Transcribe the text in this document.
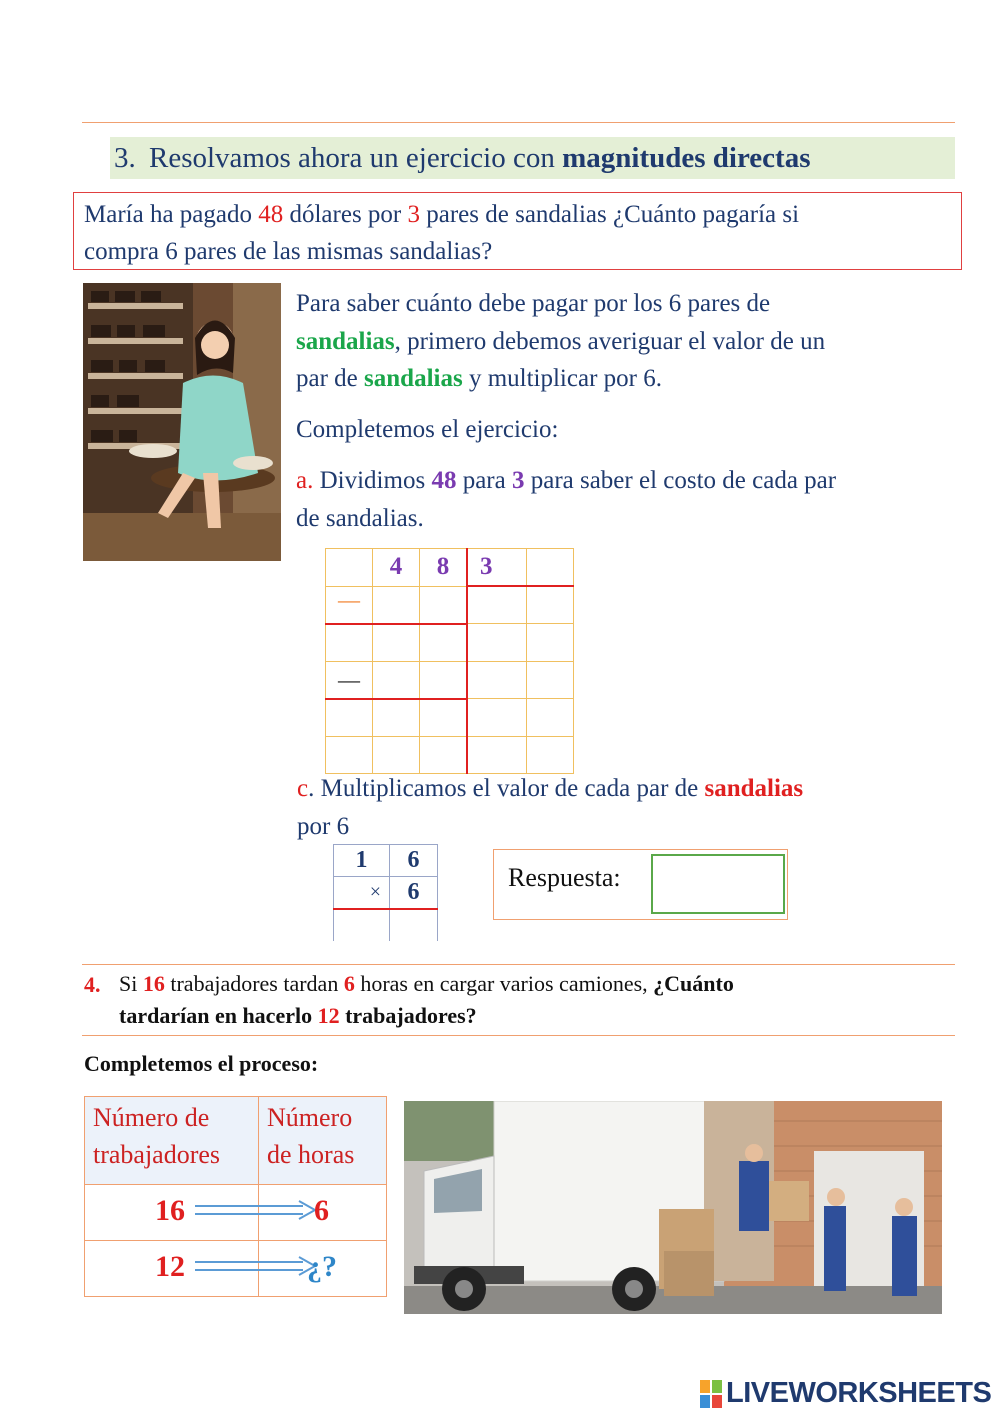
3. Resolvamos ahora un ejercicio con magnitudes directas
María ha pagado 48 dólares por 3 pares de sandalias ¿Cuánto pagaría si
compra 6 pares de las mismas sandalias?
Para saber cuánto debe pagar por los 6 pares de
sandalias, primero debemos averiguar el valor de un
par de sandalias y multiplicar por 6.
Completemos el ejercicio:
a. Dividimos 48 para 3 para saber el costo de cada par
de sandalias.
	4	8	3	
—				

—				

c. Multiplicamos el valor de cada par de sandalias
por 6
1	6
×	6
		Respuesta:
4. Si 16 trabajadores tardan 6 horas en cargar varios camiones, ¿Cuánto
tardarían en hacerlo 12 trabajadores?
Completemos el proceso:
Número de trabajadores	Número de horas

16	6

12	¿?
LIVEWORKSHEETS
